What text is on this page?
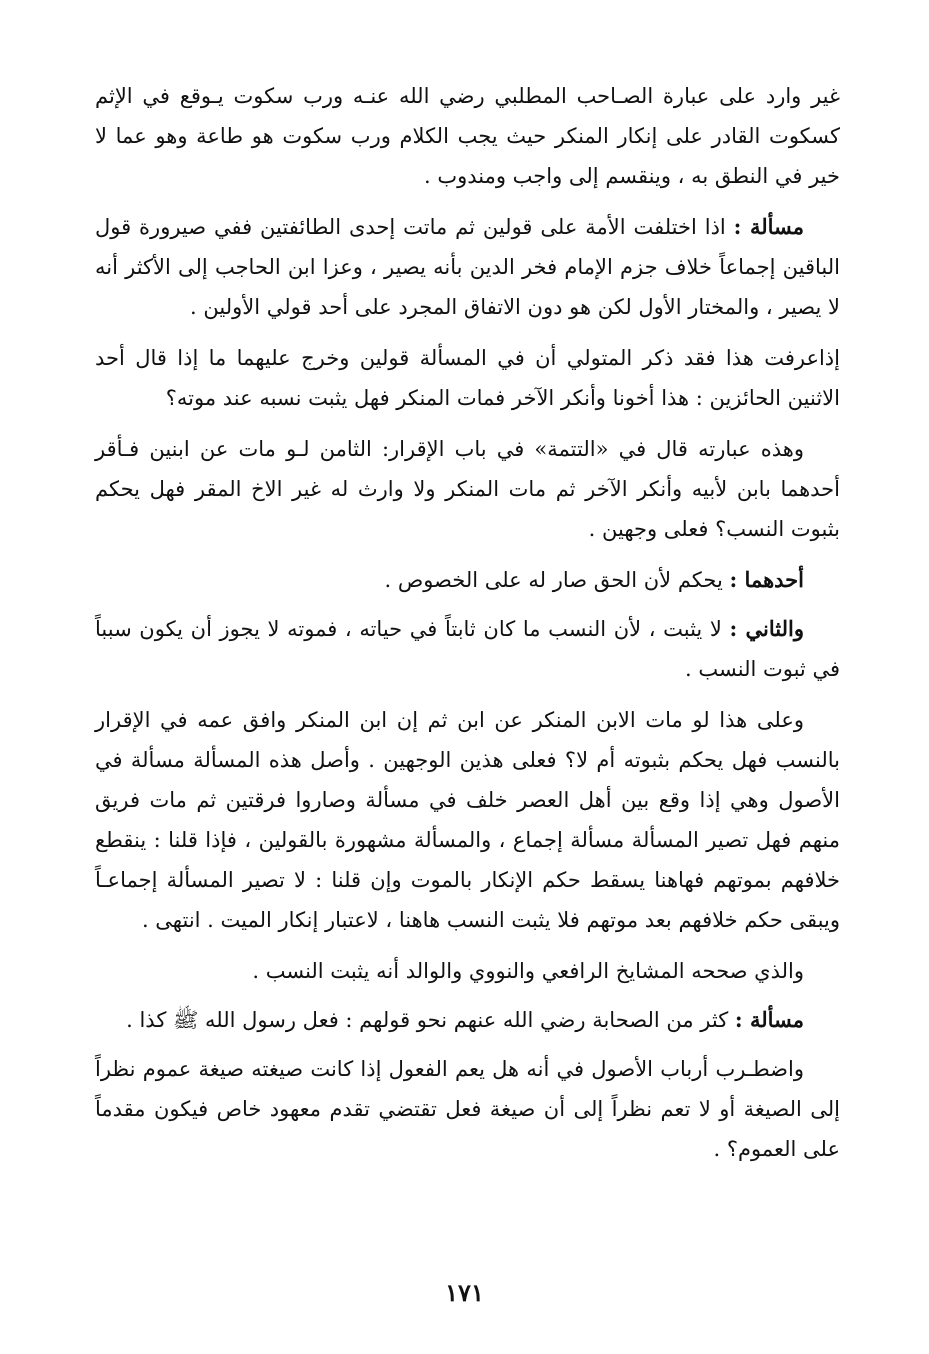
غير وارد على عبارة الصـاحب المطلبي رضي الله عنـه ورب سكوت يـوقع في الإثم كسكوت القادر على إنكار المنكر حيث يجب الكلام ورب سكوت هو طاعة وهو عما لا خير في النطق به ، وينقسم إلى واجب ومندوب .

مسألة : اذا اختلفت الأمة على قولين ثم ماتت إحدى الطائفتين ففي صيرورة قول الباقين إجماعاً خلاف جزم الإمام فخر الدين بأنه يصير ، وعزا ابن الحاجب إلى الأكثر أنه لا يصير ، والمختار الأول لكن هو دون الاتفاق المجرد على أحد قولي الأولين .

إذاعرفت هذا فقد ذكر المتولي أن في المسألة قولين وخرج عليهما ما إذا قال أحد الاثنين الحائزين : هذا أخونا وأنكر الآخر فمات المنكر فهل يثبت نسبه عند موته؟

وهذه عبارته قال في «التتمة» في باب الإقرار: الثامن لـو مات عن ابنين فـأقر أحدهما بابن لأبيه وأنكر الآخر ثم مات المنكر ولا وارث له غير الاخ المقر فهل يحكم بثبوت النسب؟ فعلى وجهين .

أحدهما : يحكم لأن الحق صار له على الخصوص .

والثاني : لا يثبت ، لأن النسب ما كان ثابتاً في حياته ، فموته لا يجوز أن يكون سبباً في ثبوت النسب .

وعلى هذا لو مات الابن المنكر عن ابن ثم إن ابن المنكر وافق عمه في الإقرار بالنسب فهل يحكم بثبوته أم لا؟ فعلى هذين الوجهين . وأصل هذه المسألة مسألة في الأصول وهي إذا وقع بين أهل العصر خلف في مسألة وصاروا فرقتين ثم مات فريق منهم فهل تصير المسألة مسألة إجماع ، والمسألة مشهورة بالقولين ، فإذا قلنا : ينقطع خلافهم بموتهم فهاهنا يسقط حكم الإنكار بالموت وإن قلنا : لا تصير المسألة إجماعـاً ويبقى حكم خلافهم بعد موتهم فلا يثبت النسب هاهنا ، لاعتبار إنكار الميت . انتهى .

والذي صححه المشايخ الرافعي والنووي والوالد أنه يثبت النسب .

مسألة : كثر من الصحابة رضي الله عنهم نحو قولهم : فعل رسول الله ﷺ كذا .

واضطـرب أرباب الأصول في أنه هل يعم الفعول إذا كانت صيغته صيغة عموم نظراً إلى الصيغة أو لا تعم نظراً إلى أن صيغة فعل تقتضي تقدم معهود خاص فيكون مقدماً على العموم؟ .

١٧١
